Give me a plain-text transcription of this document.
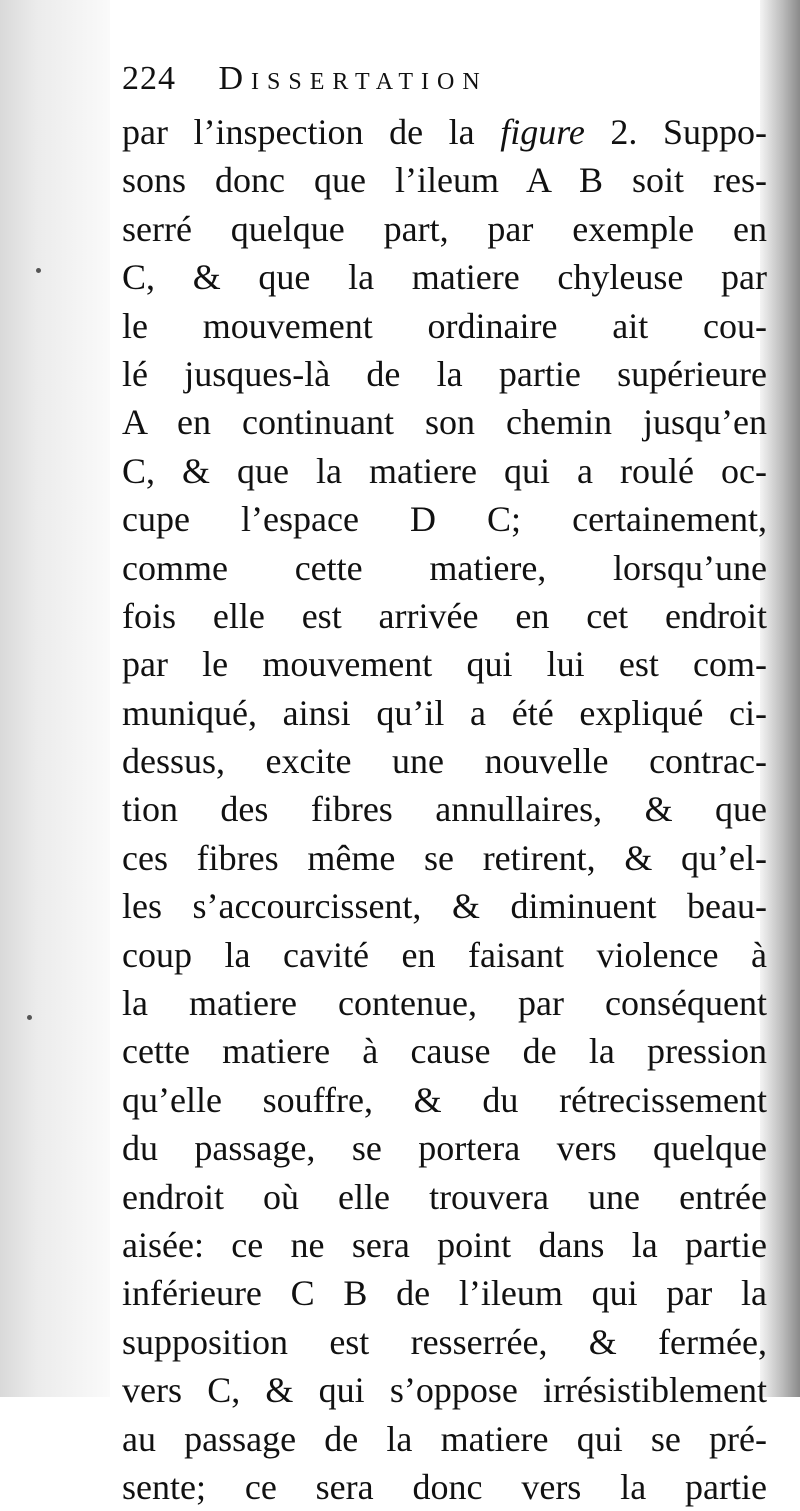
224 Dissertation
par l’inspection de la figure 2. Suppo-
sons donc que l’ileum A B soit res-
serré quelque part, par exemple en
C, & que la matiere chyleuse par
le mouvement ordinaire ait cou-
lé jusques-là de la partie supérieure
A en continuant son chemin jusqu’en
C, & que la matiere qui a roulé oc-
cupe l’espace D C; certainement,
comme cette matiere, lorsqu’une
fois elle est arrivée en cet endroit
par le mouvement qui lui est com-
muniqué, ainsi qu’il a été expliqué ci-
dessus, excite une nouvelle contrac-
tion des fibres annullaires, & que
ces fibres même se retirent, & qu’el-
les s’accourcissent, & diminuent beau-
coup la cavité en faisant violence à
la matiere contenue, par conséquent
cette matiere à cause de la pression
qu’elle souffre, & du rétrecissement
du passage, se portera vers quelque
endroit où elle trouvera une entrée
aisée: ce ne sera point dans la partie
inférieure C B de l’ileum qui par la
supposition est resserrée, & fermée,
vers C, & qui s’oppose irrésistiblement
au passage de la matiere qui se pré-
sente; ce sera donc vers la partie
